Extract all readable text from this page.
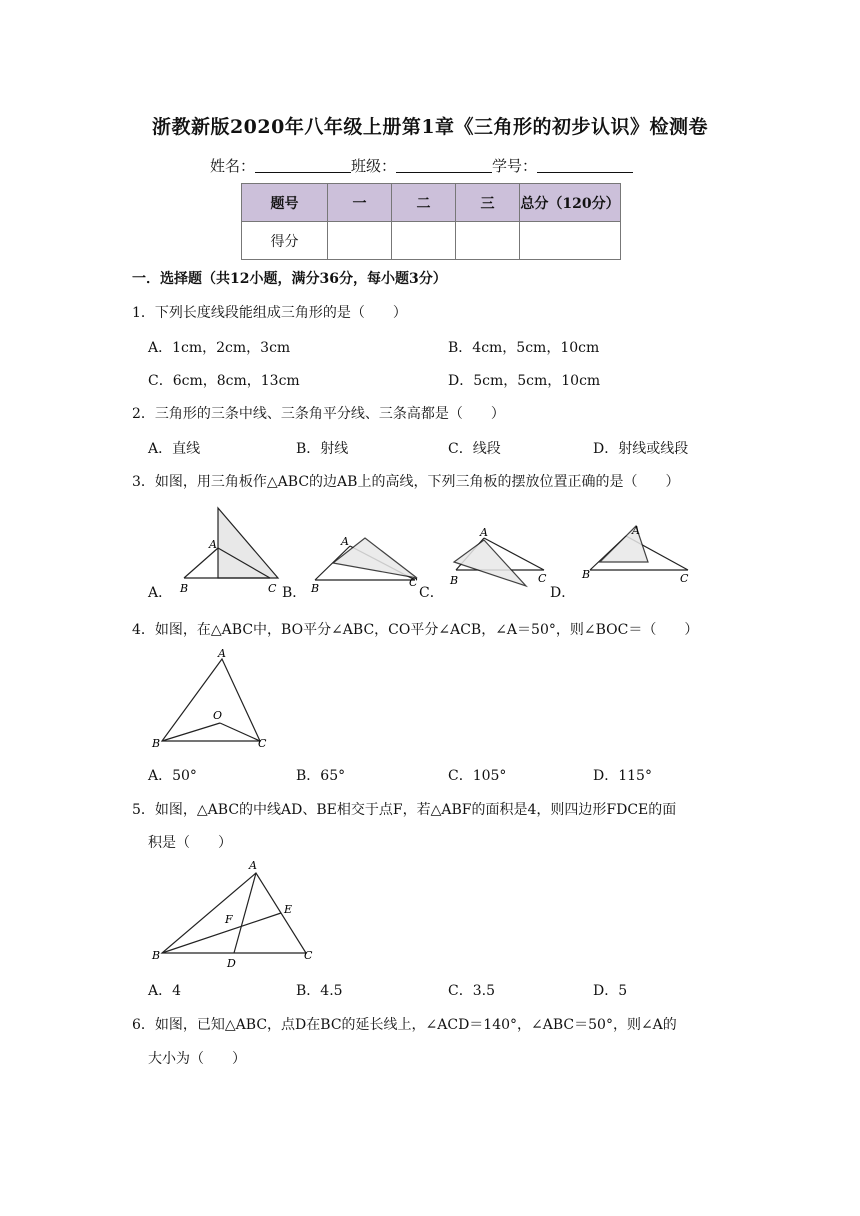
浙教新版2020年八年级上册第1章《三角形的初步认识》检测卷
姓名：	班级：	学号：
题号	一	二	三	总分（120分）
得分				
一．选择题（共12小题，满分36分，每小题3分）
1．下列长度线段能组成三角形的是（　　）
A．1cm，2cm，3cm	B．4cm，5cm，10cm
C．6cm，8cm，13cm	D．5cm，5cm，10cm
2．三角形的三条中线、三条角平分线、三条高都是（　　）
A．直线	B．射线	C．线段	D．射线或线段
3．如图，用三角板作△ABC的边AB上的高线，下列三角板的摆放位置正确的是（　　）
A．	B．	C．	D．
A
B	C
A
B	C
A
B	C
A
B	C
4．如图，在△ABC中，BO平分∠ABC，CO平分∠ACB，∠A＝50°，则∠BOC＝（　　）
A
B	C
O
A．50°	B．65°	C．105°	D．115°
5．如图，△ABC的中线AD、BE相交于点F，若△ABF的面积是4，则四边形FDCE的面
积是（　　）
A
B	C
D
E
F
A．4	B．4.5	C．3.5	D．5
6．如图，已知△ABC，点D在BC的延长线上，∠ACD＝140°，∠ABC＝50°，则∠A的
大小为（　　）
